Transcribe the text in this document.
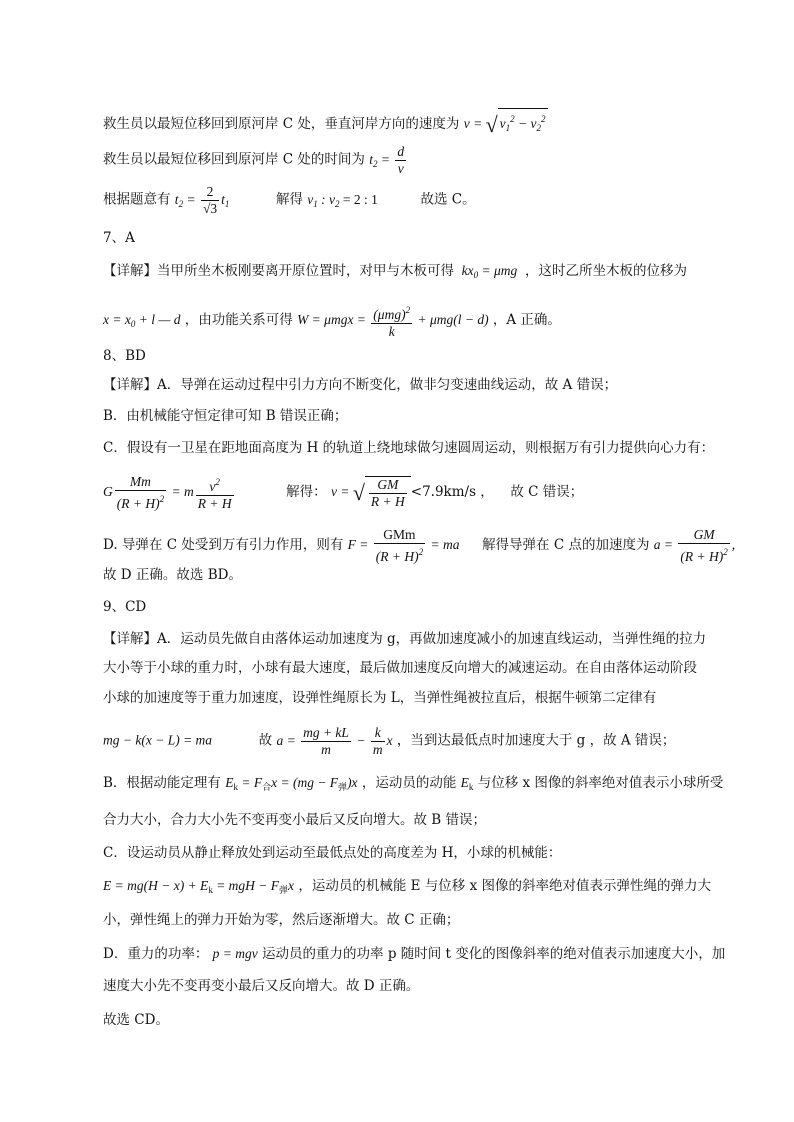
救生员以最短位移回到原河岸 C 处，垂直河岸方向的速度为 v = √ $v_1^2 - v_2^2$
救生员以最短位移回到原河岸 C 处的时间为 $t_2 = \frac{d}{v}$
根据题意有 $t_2 = \frac{2}{√3} t_1$	解得 $v_1$ : $v_2 = 2$ : 1	故选 C。
7、A
【详解】当甲所坐木板刚要离开原位置时，对甲与木板可得  $kx_0 = \mu mg$  ，这时乙所坐木板的位移为
$x = x_0 + l$ — d ，由功能关系可得 $W = \mu mgx = \frac{(\mu mg)^2}{k} + \mu mg(l - d)$ ，A 正确。
8、BD
【详解】A．导弹在运动过程中引力方向不断变化，做非匀变速曲线运动，故 A 错误；
B．由机械能守恒定律可知 B 错误正确；
C．假设有一卫星在距地面高度为 H 的轨道上绕地球做匀速圆周运动，则根据万有引力提供向心力有：
G $\frac{Mm}{(R + H)^2} = m \frac{v^2}{R + H}$	解得： v = √ $\frac{GM}{R + H} <7.9km/s$ ， 故 C 错误；
D. 导弹在 C 处受到万有引力作用，则有 $F = \frac{\text{GMm}}{(R + H)^2}$ = ma 解得导弹在 C 点的加速度为 $a = \frac{GM}{(R + H)^2}$ ,
故 D 正确。故选 BD。
9、CD
【详解】A．运动员先做自由落体运动加速度为 g，再做加速度减小的加速直线运动，当弹性绳的拉力
大小等于小球的重力时，小球有最大速度，最后做加速度反向增大的减速运动。在自由落体运动阶段
小球的加速度等于重力加速度，设弹性绳原长为 L，当弹性绳被拉直后，根据牛顿第二定律有
mg − k(x − L) = ma	故 $a = \frac{mg + kL}{m} - \frac{k}{m}$ x ，当到达最低点时加速度大于 g ，故 A 错误；
B．根据动能定理有 $E_k = F_合x = (mg - F_弹)x$ ，运动员的动能 $E_k$ 与位移 x 图像的斜率绝对值表示小球所受
合力大小，合力大小先不变再变小最后又反向增大。故 B 错误；
C．设运动员从静止释放处到运动至最低点处的高度差为 H，小球的机械能：
$E = mg(H - x) + E_k$ = mgH − $F_弹x$ ，运动员的机械能 E 与位移 x 图像的斜率绝对值表示弹性绳的弹力大
小，弹性绳上的弹力开始为零，然后逐渐增大。故 C 正确；
D．重力的功率： p = mgv 运动员的重力的功率 p 随时间 t 变化的图像斜率的绝对值表示加速度大小，加
速度大小先不变再变小最后又反向增大。故 D 正确。
故选 CD。
